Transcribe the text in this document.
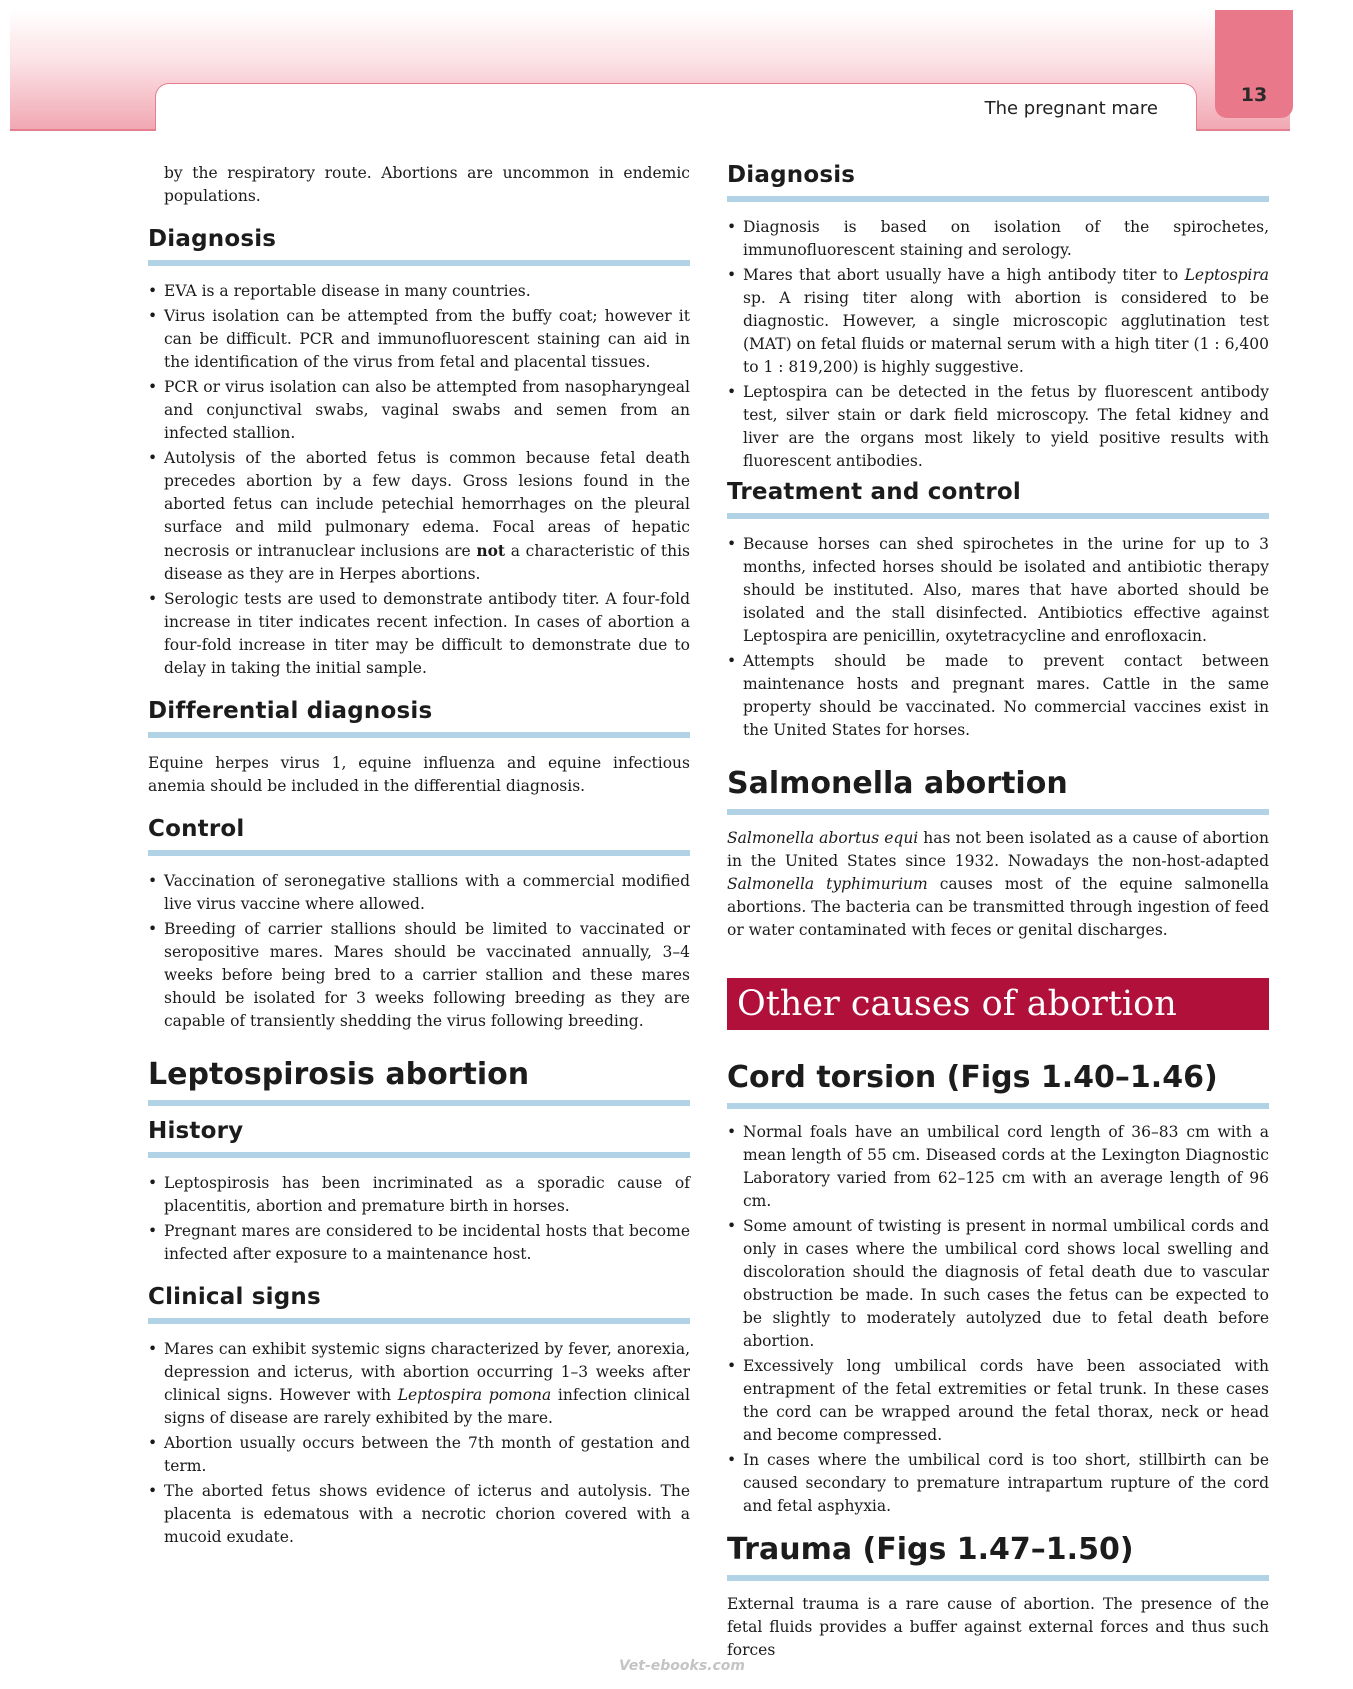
The pregnant mare
13

by the respiratory route. Abortions are uncommon in endemic populations.

Diagnosis
• EVA is a reportable disease in many countries.
• Virus isolation can be attempted from the buffy coat; however it can be difficult. PCR and immunofluorescent staining can aid in the identification of the virus from fetal and placental tissues.
• PCR or virus isolation can also be attempted from nasopharyngeal and conjunctival swabs, vaginal swabs and semen from an infected stallion.
• Autolysis of the aborted fetus is common because fetal death precedes abortion by a few days. Gross lesions found in the aborted fetus can include petechial hemorrhages on the pleural surface and mild pulmonary edema. Focal areas of hepatic necrosis or intranuclear inclusions are not a characteristic of this disease as they are in Herpes abortions.
• Serologic tests are used to demonstrate antibody titer. A four-fold increase in titer indicates recent infection. In cases of abortion a four-fold increase in titer may be difficult to demonstrate due to delay in taking the initial sample.
Differential diagnosis

Equine herpes virus 1, equine influenza and equine infectious anemia should be included in the differential diagnosis.

Control
• Vaccination of seronegative stallions with a commercial modified live virus vaccine where allowed.
• Breeding of carrier stallions should be limited to vaccinated or seropositive mares. Mares should be vaccinated annually, 3–4 weeks before being bred to a carrier stallion and these mares should be isolated for 3 weeks following breeding as they are capable of transiently shedding the virus following breeding.
Leptospirosis abortion
History
• Leptospirosis has been incriminated as a sporadic cause of placentitis, abortion and premature birth in horses.
• Pregnant mares are considered to be incidental hosts that become infected after exposure to a maintenance host.
Clinical signs
• Mares can exhibit systemic signs characterized by fever, anorexia, depression and icterus, with abortion occurring 1–3 weeks after clinical signs. However with Leptospira pomona infection clinical signs of disease are rarely exhibited by the mare.
• Abortion usually occurs between the 7th month of gestation and term.
• The aborted fetus shows evidence of icterus and autolysis. The placenta is edematous with a necrotic chorion covered with a mucoid exudate.
Diagnosis
• Diagnosis is based on isolation of the spirochetes, immunofluorescent staining and serology.
• Mares that abort usually have a high antibody titer to Leptospira sp. A rising titer along with abortion is considered to be diagnostic. However, a single microscopic agglutination test (MAT) on fetal fluids or maternal serum with a high titer (1 : 6,400 to 1 : 819,200) is highly suggestive.
• Leptospira can be detected in the fetus by fluorescent antibody test, silver stain or dark field microscopy. The fetal kidney and liver are the organs most likely to yield positive results with fluorescent antibodies.
Treatment and control
• Because horses can shed spirochetes in the urine for up to 3 months, infected horses should be isolated and antibiotic therapy should be instituted. Also, mares that have aborted should be isolated and the stall disinfected. Antibiotics effective against Leptospira are penicillin, oxytetracycline and enrofloxacin.
• Attempts should be made to prevent contact between maintenance hosts and pregnant mares. Cattle in the same property should be vaccinated. No commercial vaccines exist in the United States for horses.
Salmonella abortion

Salmonella abortus equi has not been isolated as a cause of abortion in the United States since 1932. Nowadays the non-host-adapted Salmonella typhimurium causes most of the equine salmonella abortions. The bacteria can be transmitted through ingestion of feed or water contaminated with feces or genital discharges.

Other causes of abortion
Cord torsion (Figs 1.40–1.46)
• Normal foals have an umbilical cord length of 36–83 cm with a mean length of 55 cm. Diseased cords at the Lexington Diagnostic Laboratory varied from 62–125 cm with an average length of 96 cm.
• Some amount of twisting is present in normal umbilical cords and only in cases where the umbilical cord shows local swelling and discoloration should the diagnosis of fetal death due to vascular obstruction be made. In such cases the fetus can be expected to be slightly to moderately autolyzed due to fetal death before abortion.
• Excessively long umbilical cords have been associated with entrapment of the fetal extremities or fetal trunk. In these cases the cord can be wrapped around the fetal thorax, neck or head and become compressed.
• In cases where the umbilical cord is too short, stillbirth can be caused secondary to premature intrapartum rupture of the cord and fetal asphyxia.
Trauma (Figs 1.47–1.50)

External trauma is a rare cause of abortion. The presence of the fetal fluids provides a buffer against external forces and thus such forces

Vet-ebooks.com
